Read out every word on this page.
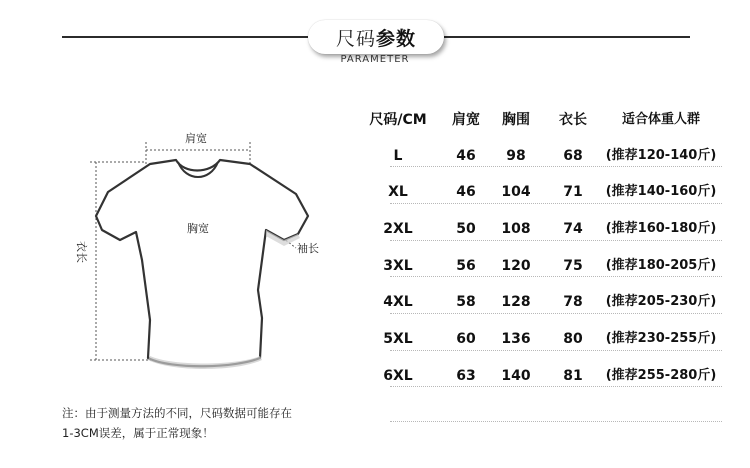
尺码 参数
PARAMETER
肩宽
胸宽
袖长
衣长
尺码/CM	肩宽	胸围	衣长	适合体重人群
L	46	98	68	(推荐120-140斤)
XL	46	104	71	(推荐140-160斤)
2XL	50	108	74	(推荐160-180斤)
3XL	56	120	75	(推荐180-205斤)
4XL	58	128	78	(推荐205-230斤)
5XL	60	136	80	(推荐230-255斤)
6XL	63	140	81	(推荐255-280斤)
注：由于测量方法的不同，尺码数据可能存在
1-3CM误差，属于正常现象！
